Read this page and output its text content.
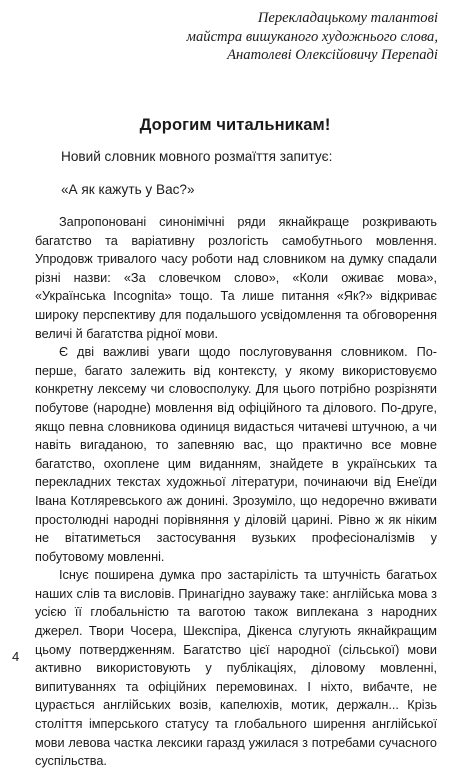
Перекладацькому талантові
майстра вишуканого художнього слова,
Анатолеві Олексійовичу Перепаді
Дорогим читальникам!
Новий словник мовного розмаїття запитує:
«А як кажуть у Вас?»

Запропоновані синонімічні ряди якнайкраще розкривають багатство та варіативну розлогість самобутнього мовлення. Упродовж тривалого часу роботи над словником на думку спадали різні назви: «За словечком слово», «Коли оживає мова», «Українська Incognita» тощо. Та лише питання «Як?» відкриває широку перспективу для подальшого усвідомлення та обговорення величі й багатства рідної мови.

Є дві важливі уваги щодо послуговування словником. По-перше, багато залежить від контексту, у якому використовуємо конкретну лексему чи словосполуку. Для цього потрібно розрізняти побутове (народне) мовлення від офіційного та ділового. По-друге, якщо певна словникова одиниця видасться читачеві штучною, а чи навіть вигаданою, то запевняю вас, що практично все мовне багатство, охоплене цим виданням, знайдете в українських та перекладних текстах художньої літератури, починаючи від Енеїди Івана Котляревського аж донині. Зрозуміло, що недоречно вживати простолюдні народні порівняння у діловій царині. Рівно ж як ніким не вітатиметься застосування вузьких професіоналізмів у побутовому мовленні.

Існує поширена думка про застарілість та штучність багатьох наших слів та висловів. Принагідно зауважу таке: англійська мова з усією її глобальністю та ваготою також виплекана з народних джерел. Твори Чосера, Шекспіра, Дікенса слугують якнайкращим цьому потвердженням. Багатство цієї народної (сільської) мови активно використовують у публікаціях, діловому мовленні, випитуваннях та офіційних перемовинах. І ніхто, вибачте, не цурається англійських возів, капелюхів, мотик, держалн... Крізь століття імперського статусу та глобального ширення англійської мови левова частка лексики гаразд ужилася з потребами сучасного суспільства.

4
